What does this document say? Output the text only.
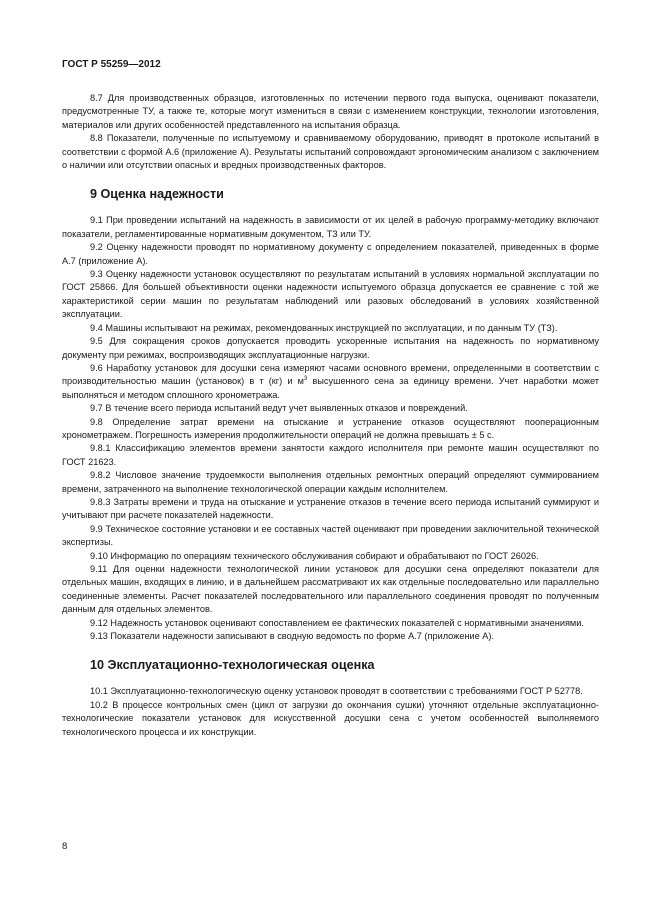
ГОСТ Р 55259—2012

8.7 Для производственных образцов, изготовленных по истечении первого года выпуска, оценивают показатели, предусмотренные ТУ, а также те, которые могут измениться в связи с изменением конструкции, технологии изготовления, материалов или других особенностей представленного на испытания образца.

8.8 Показатели, полученные по испытуемому и сравниваемому оборудованию, приводят в протоколе испытаний в соответствии с формой А.6 (приложение А). Результаты испытаний сопровождают эргономическим анализом с заключением о наличии или отсутствии опасных и вредных производственных факторов.

9 Оценка надежности

9.1 При проведении испытаний на надежность в зависимости от их целей в рабочую программу-методику включают показатели, регламентированные нормативным документом, ТЗ или ТУ.

9.2 Оценку надежности проводят по нормативному документу с определением показателей, приведенных в форме А.7 (приложение А).

9.3 Оценку надежности установок осуществляют по результатам испытаний в условиях нормальной эксплуатации по ГОСТ 25866. Для большей объективности оценки надежности испытуемого образца допускается ее сравнение с той же характеристикой серии машин по результатам наблюдений или разовых обследований в условиях хозяйственной эксплуатации.

9.4 Машины испытывают на режимах, рекомендованных инструкцией по эксплуатации, и по данным ТУ (ТЗ).

9.5 Для сокращения сроков допускается проводить ускоренные испытания на надежность по нормативному документу при режимах, воспроизводящих эксплуатационные нагрузки.

9.6 Наработку установок для досушки сена измеряют часами основного времени, определенными в соответствии с производительностью машин (установок) в т (кг) и $м^3$ высушенного сена за единицу времени. Учет наработки может выполняться и методом сплошного хронометража.

9.7 В течение всего периода испытаний ведут учет выявленных отказов и повреждений.

9.8 Определение затрат времени на отыскание и устранение отказов осуществляют пооперационным хронометражем. Погрешность измерения продолжительности операций не должна превышать ± 5 с.

9.8.1 Классификацию элементов времени занятости каждого исполнителя при ремонте машин осуществляют по ГОСТ 21623.

9.8.2 Числовое значение трудоемкости выполнения отдельных ремонтных операций определяют суммированием времени, затраченного на выполнение технологической операции каждым исполнителем.

9.8.3 Затраты времени и труда на отыскание и устранение отказов в течение всего периода испытаний суммируют и учитывают при расчете показателей надежности.

9.9 Техническое состояние установки и ее составных частей оценивают при проведении заключительной технической экспертизы.

9.10 Информацию по операциям технического обслуживания собирают и обрабатывают по ГОСТ 26026.

9.11 Для оценки надежности технологической линии установок для досушки сена определяют показатели для отдельных машин, входящих в линию, и в дальнейшем рассматривают их как отдельные последовательно или параллельно соединенные элементы. Расчет показателей последовательного или параллельного соединения проводят по полученным данным для отдельных элементов.

9.12 Надежность установок оценивают сопоставлением ее фактических показателей с нормативными значениями.

9.13 Показатели надежности записывают в сводную ведомость по форме А.7 (приложение А).

10 Эксплуатационно-технологическая оценка

10.1 Эксплуатационно-технологическую оценку установок проводят в соответствии с требованиями ГОСТ Р 52778.

10.2 В процессе контрольных смен (цикл от загрузки до окончания сушки) уточняют отдельные эксплуатационно-технологические показатели установок для искусственной досушки сена с учетом особенностей выполняемого технологического процесса и их конструкции.

8
